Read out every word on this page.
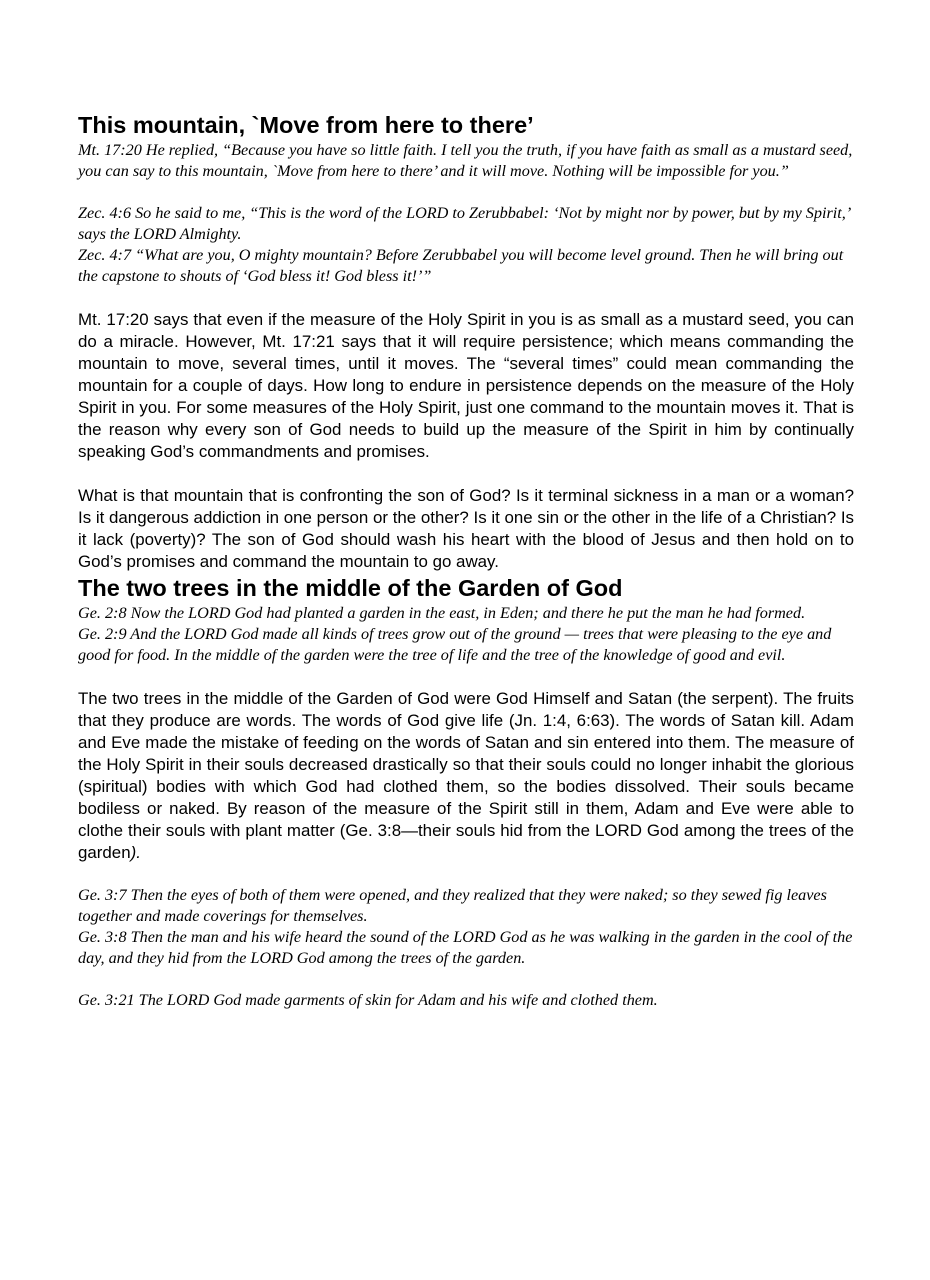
This mountain, `Move from here to there’

Mt. 17:20 He replied, “Because you have so little faith. I tell you the truth, if you have faith as small as a mustard seed, you can say to this mountain, `Move from here to there’ and it will move. Nothing will be impossible for you.”

Zec. 4:6 So he said to me, “This is the word of the LORD to Zerubbabel: ‘Not by might nor by power, but by my Spirit,’ says the LORD Almighty.

Zec. 4:7 “What are you, O mighty mountain? Before Zerubbabel you will become level ground. Then he will bring out the capstone to shouts of ‘God bless it! God bless it!’”

Mt. 17:20 says that even if the measure of the Holy Spirit in you is as small as a mustard seed, you can do a miracle. However, Mt. 17:21 says that it will require persistence; which means commanding the mountain to move, several times, until it moves. The “several times” could mean commanding the mountain for a couple of days. How long to endure in persistence depends on the measure of the Holy Spirit in you. For some measures of the Holy Spirit, just one command to the mountain moves it. That is the reason why every son of God needs to build up the measure of the Spirit in him by continually speaking God’s commandments and promises.

What is that mountain that is confronting the son of God? Is it terminal sickness in a man or a woman? Is it dangerous addiction in one person or the other? Is it one sin or the other in the life of a Christian? Is it lack (poverty)? The son of God should wash his heart with the blood of Jesus and then hold on to God’s promises and command the mountain to go away.

The two trees in the middle of the Garden of God

Ge. 2:8 Now the LORD God had planted a garden in the east, in Eden; and there he put the man he had formed.

Ge. 2:9 And the LORD God made all kinds of trees grow out of the ground — trees that were pleasing to the eye and good for food. In the middle of the garden were the tree of life and the tree of the knowledge of good and evil.

The two trees in the middle of the Garden of God were God Himself and Satan (the serpent). The fruits that they produce are words. The words of God give life (Jn. 1:4, 6:63). The words of Satan kill. Adam and Eve made the mistake of feeding on the words of Satan and sin entered into them. The measure of the Holy Spirit in their souls decreased drastically so that their souls could no longer inhabit the glorious (spiritual) bodies with which God had clothed them, so the bodies dissolved. Their souls became bodiless or naked. By reason of the measure of the Spirit still in them, Adam and Eve were able to clothe their souls with plant matter (Ge. 3:8—their souls hid from the LORD God among the trees of the garden).

Ge. 3:7 Then the eyes of both of them were opened, and they realized that they were naked; so they sewed fig leaves together and made coverings for themselves.

Ge. 3:8 Then the man and his wife heard the sound of the LORD God as he was walking in the garden in the cool of the day, and they hid from the LORD God among the trees of the garden.

Ge. 3:21 The LORD God made garments of skin for Adam and his wife and clothed them.
